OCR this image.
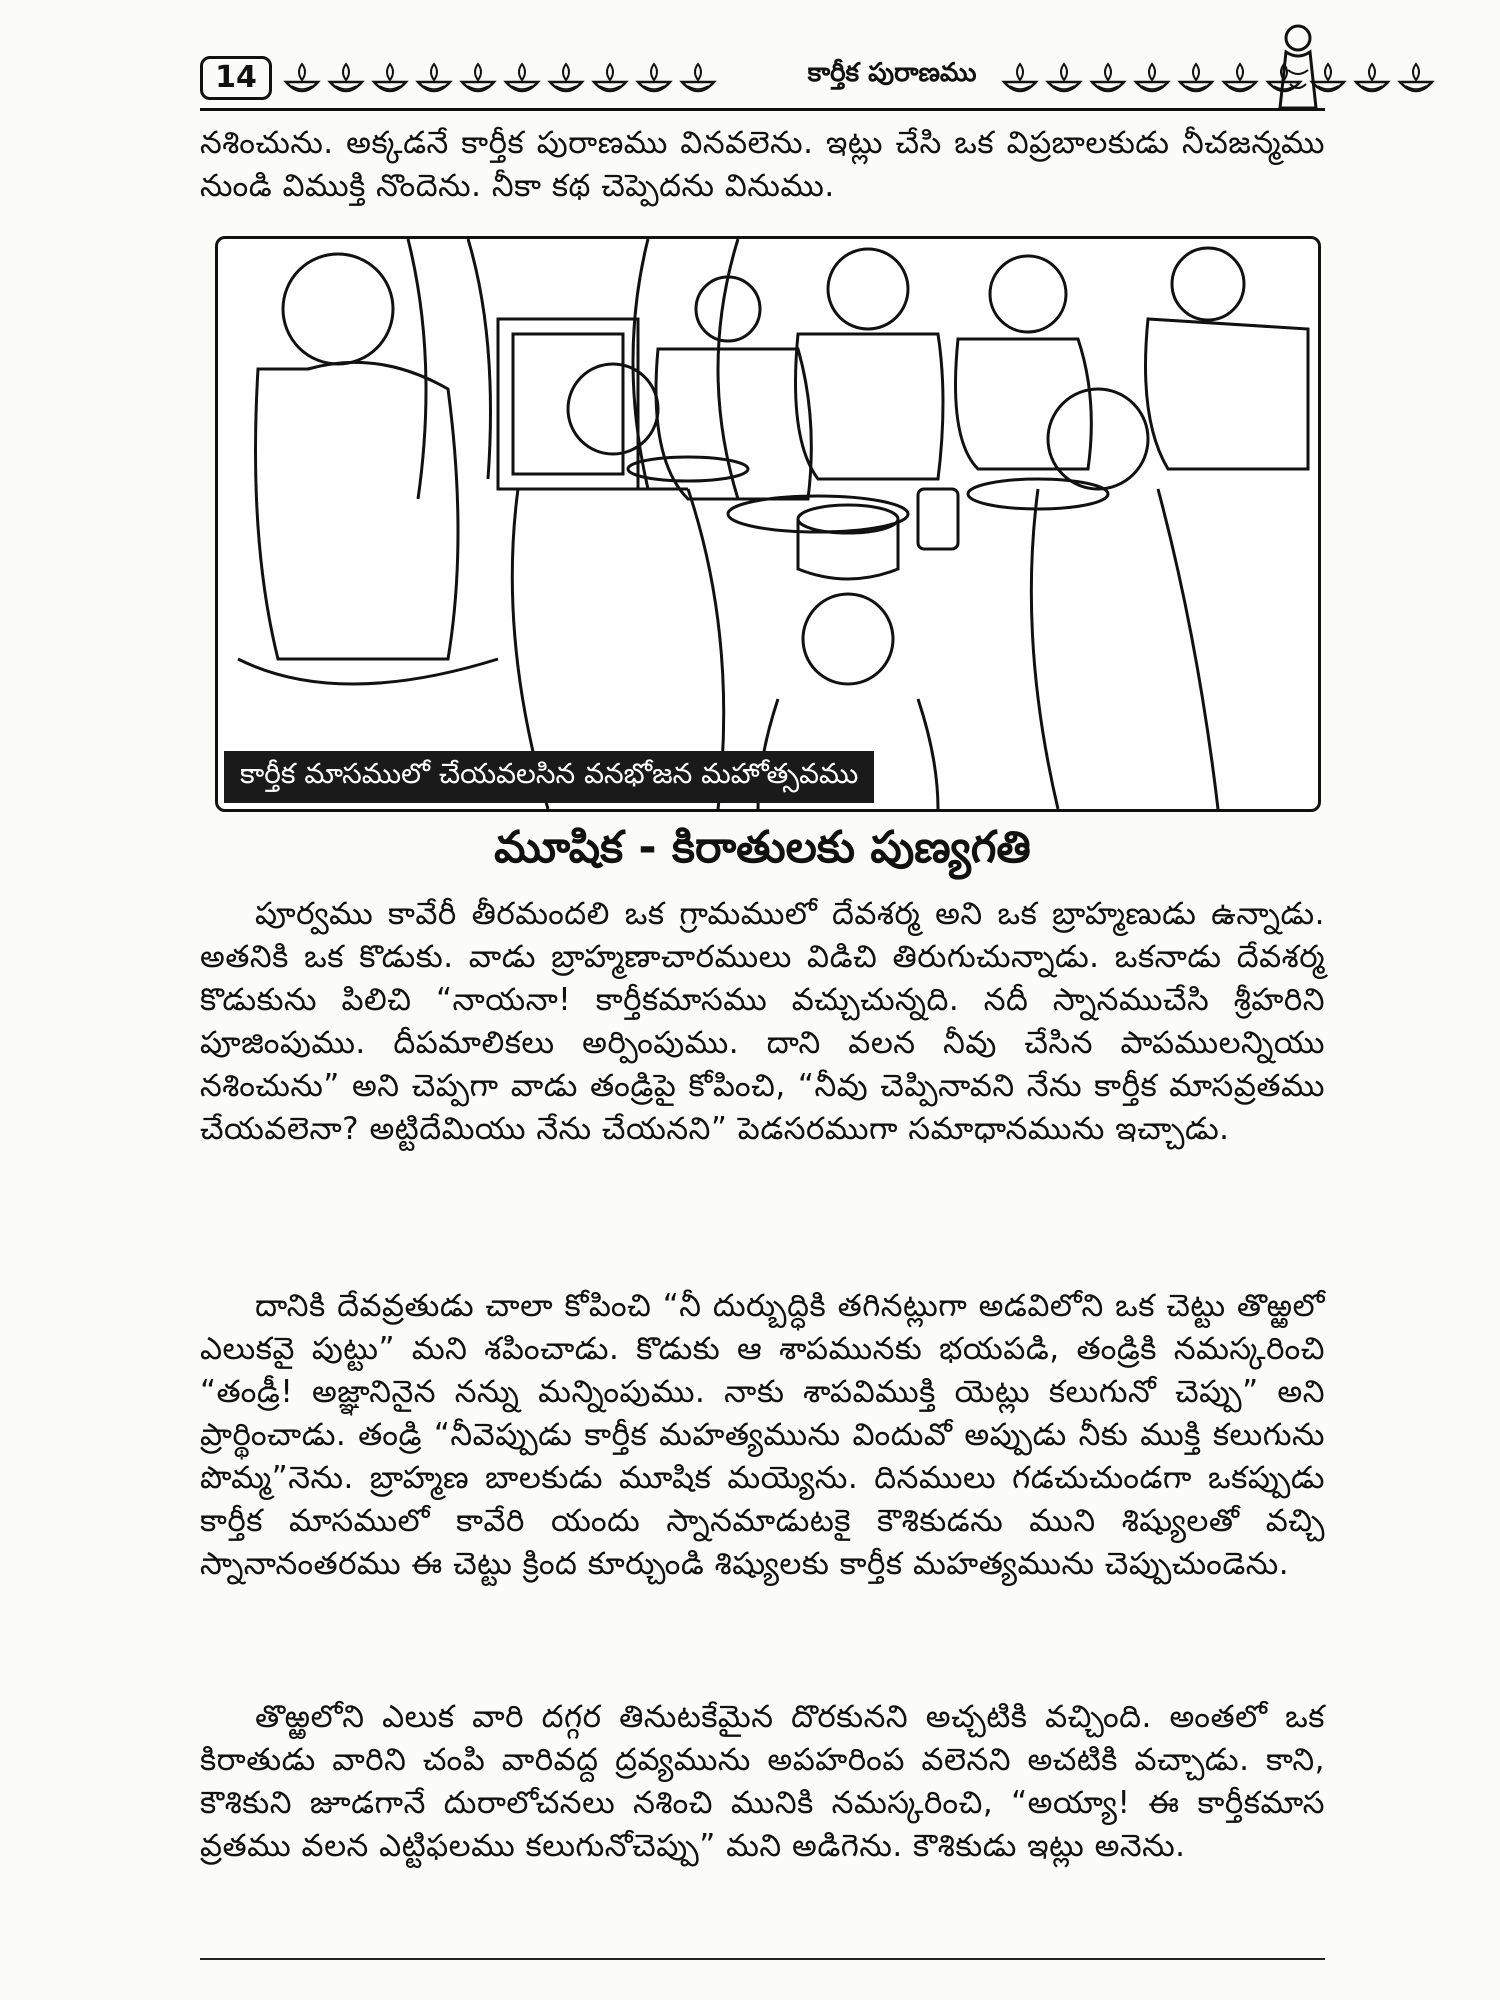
14	కార్తీక పురాణము
నశించును. అక్కడనే కార్తీక పురాణము వినవలెను. ఇట్లు చేసి ఒక విప్రబాలకుడు నీచజన్మము నుండి విముక్తి నొందెను. నీకా కథ చెప్పెదను వినుము.
కార్తీక మాసములో చేయవలసిన వనభోజన మహోత్సవము
మూషిక - కిరాతులకు పుణ్యగతి
పూర్వము కావేరీ తీరమందలి ఒక గ్రామములో దేవశర్మ అని ఒక బ్రాహ్మణుడు ఉన్నాడు. అతనికి ఒక కొడుకు. వాడు బ్రాహ్మణాచారములు విడిచి తిరుగుచున్నాడు. ఒకనాడు దేవశర్మ కొడుకును పిలిచి “నాయనా! కార్తీకమాసము వచ్చుచున్నది. నదీ స్నానముచేసి శ్రీహరిని పూజింపుము. దీపమాలికలు అర్పింపుము. దాని వలన నీవు చేసిన పాపములన్నియు నశించును” అని చెప్పగా వాడు తండ్రిపై కోపించి, “నీవు చెప్పినావని నేను కార్తీక మాసవ్రతము చేయవలెనా? అట్టిదేమియు నేను చేయనని” పెడసరముగా సమాధానమును ఇచ్చాడు.
దానికి దేవవ్రతుడు చాలా కోపించి “నీ దుర్బుద్ధికి తగినట్లుగా అడవిలోని ఒక చెట్టు తొఱ్ఱలో ఎలుకవై పుట్టు” మని శపించాడు. కొడుకు ఆ శాపమునకు భయపడి, తండ్రికి నమస్కరించి “తండ్రీ! అజ్ఞానినైన నన్ను మన్నింపుము. నాకు శాపవిముక్తి యెట్లు కలుగునో చెప్పు” అని ప్రార్థించాడు. తండ్రి “నీవెప్పుడు కార్తీక మహత్యమును విందువో అప్పుడు నీకు ముక్తి కలుగును పొమ్మ”నెను. బ్రాహ్మణ బాలకుడు మూషిక మయ్యెను. దినములు గడచుచుండగా ఒకప్పుడు కార్తీక మాసములో కావేరి యందు స్నానమాడుటకై కౌశికుడను ముని శిష్యులతో వచ్చి స్నానానంతరము ఈ చెట్టు క్రింద కూర్చుండి శిష్యులకు కార్తీక మహత్యమును చెప్పుచుండెను.
తొఱ్ఱలోని ఎలుక వారి దగ్గర తినుటకేమైన దొరకునని అచ్చటికి వచ్చింది. అంతలో ఒక కిరాతుడు వారిని చంపి వారివద్ద ద్రవ్యమును అపహరింప వలెనని అచటికి వచ్చాడు. కాని, కౌశికుని జూడగానే దురాలోచనలు నశించి మునికి నమస్కరించి, “అయ్యా! ఈ కార్తీకమాస వ్రతము వలన ఎట్టిఫలము కలుగునోచెప్పు” మని అడిగెను. కౌశికుడు ఇట్లు అనెను.
